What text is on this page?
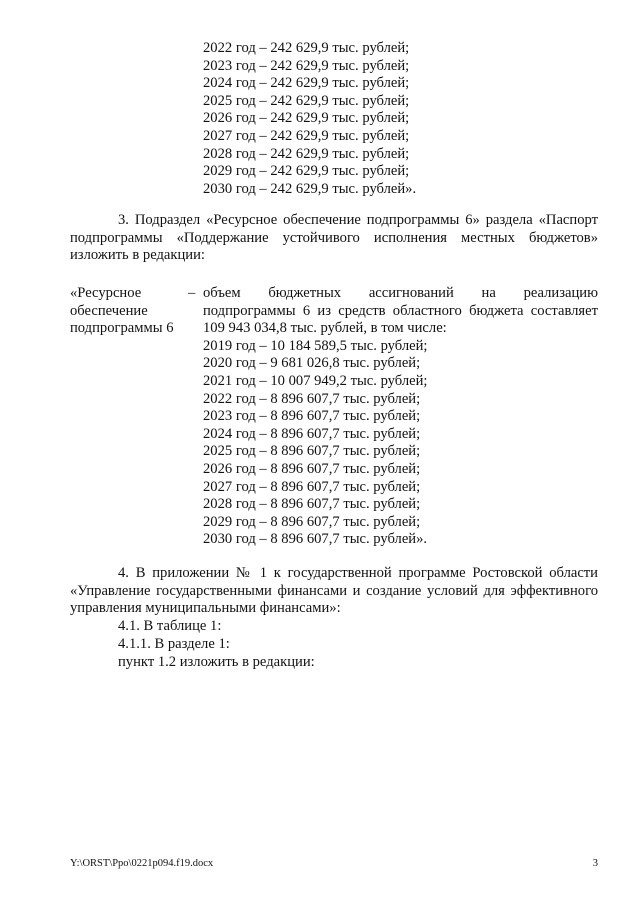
2022 год – 242 629,9 тыс. рублей;
2023 год – 242 629,9 тыс. рублей;
2024 год – 242 629,9 тыс. рублей;
2025 год – 242 629,9 тыс. рублей;
2026 год – 242 629,9 тыс. рублей;
2027 год – 242 629,9 тыс. рублей;
2028 год – 242 629,9 тыс. рублей;
2029 год – 242 629,9 тыс. рублей;
2030 год – 242 629,9 тыс. рублей».
3. Подраздел «Ресурсное обеспечение подпрограммы 6» раздела «Паспорт
подпрограммы «Поддержание устойчивого исполнения местных бюджетов»
изложить в редакции:
«Ресурсное
обеспечение
подпрограммы 6
– объем бюджетных ассигнований на реализацию
подпрограммы 6 из средств областного бюджета составляет
109 943 034,8 тыс. рублей, в том числе:
2019 год – 10 184 589,5 тыс. рублей;
2020 год – 9 681 026,8 тыс. рублей;
2021 год – 10 007 949,2 тыс. рублей;
2022 год – 8 896 607,7 тыс. рублей;
2023 год – 8 896 607,7 тыс. рублей;
2024 год – 8 896 607,7 тыс. рублей;
2025 год – 8 896 607,7 тыс. рублей;
2026 год – 8 896 607,7 тыс. рублей;
2027 год – 8 896 607,7 тыс. рублей;
2028 год – 8 896 607,7 тыс. рублей;
2029 год – 8 896 607,7 тыс. рублей;
2030 год – 8 896 607,7 тыс. рублей».
4. В приложении № 1 к государственной программе Ростовской области
«Управление государственными финансами и создание условий для эффективного
управления муниципальными финансами»:
4.1. В таблице 1:
4.1.1. В разделе 1:
пункт 1.2 изложить в редакции:
Y:\ORST\Ppo\0221p094.f19.docx	3
